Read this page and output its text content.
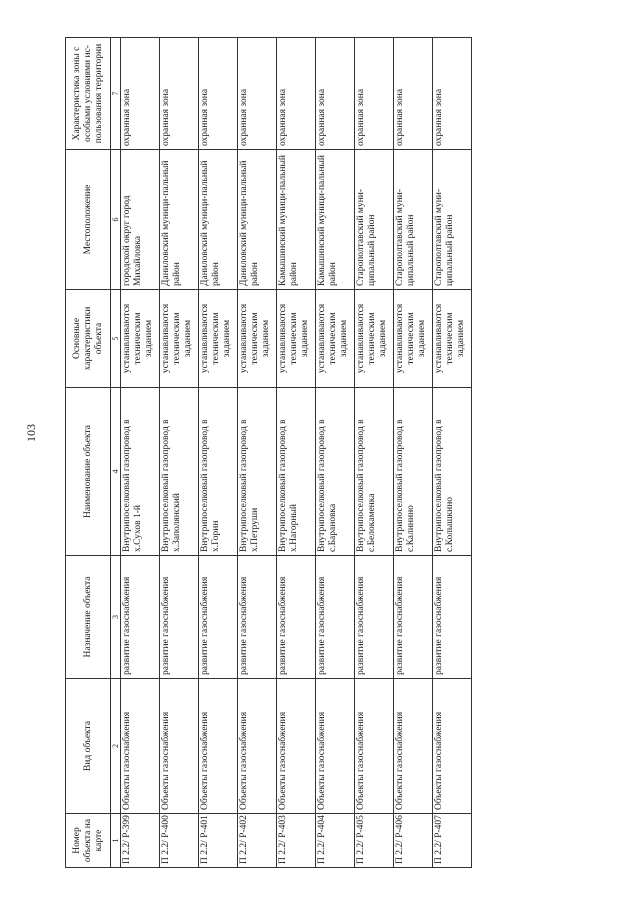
103
Номер объекта на карте	Вид объекта	Назначение объекта	Наименование объекта	Основные характеристики объекта	Местоположение	Характеристика зоны с особыми условиями ис-пользования территории
1	2	3	4	5	6	7
П 2.2/ Р-399	Объекты газоснабжения	развитие газоснабжения	Внутрипоселковый газопровод в х.Сухов 1-й	устанавливаются техническим заданием	городской округ город Михайловка	охранная зона
П 2.2/ Р-400	Объекты газоснабжения	развитие газоснабжения	Внутрипоселковый газопровод в х.Заполянский	устанавливаются техническим заданием	Даниловский муници-пальный район	охранная зона
П 2.2/ Р-401	Объекты газоснабжения	развитие газоснабжения	Внутрипоселковый газопровод в х.Горин	устанавливаются техническим заданием	Даниловский муници-пальный район	охранная зона
П 2.2/ Р-402	Объекты газоснабжения	развитие газоснабжения	Внутрипоселковый газопровод в х.Петруши	устанавливаются техническим заданием	Даниловский муници-пальный район	охранная зона
П 2.2/ Р-403	Объекты газоснабжения	развитие газоснабжения	Внутрипоселковый газопровод в х.Нагорный	устанавливаются техническим заданием	Камышинский муници-пальный район	охранная зона
П 2.2/ Р-404	Объекты газоснабжения	развитие газоснабжения	Внутрипоселковый газопровод в с.Барановка	устанавливаются техническим заданием	Камышинский муници-пальный район	охранная зона
П 2.2/ Р-405	Объекты газоснабжения	развитие газоснабжения	Внутрипоселковый газопровод в с.Белокаменка	устанавливаются техническим заданием	Старополтавский муни-ципальный район	охранная зона
П 2.2/ Р-406	Объекты газоснабжения	развитие газоснабжения	Внутрипоселковый газопровод в с.Калинино	устанавливаются техническим заданием	Старополтавский муни-ципальный район	охранная зона
П 2.2/ Р-407	Объекты газоснабжения	развитие газоснабжения	Внутрипоселковый газопровод в с.Колышкино	устанавливаются техническим заданием	Старополтавский муни-ципальный район	охранная зона
